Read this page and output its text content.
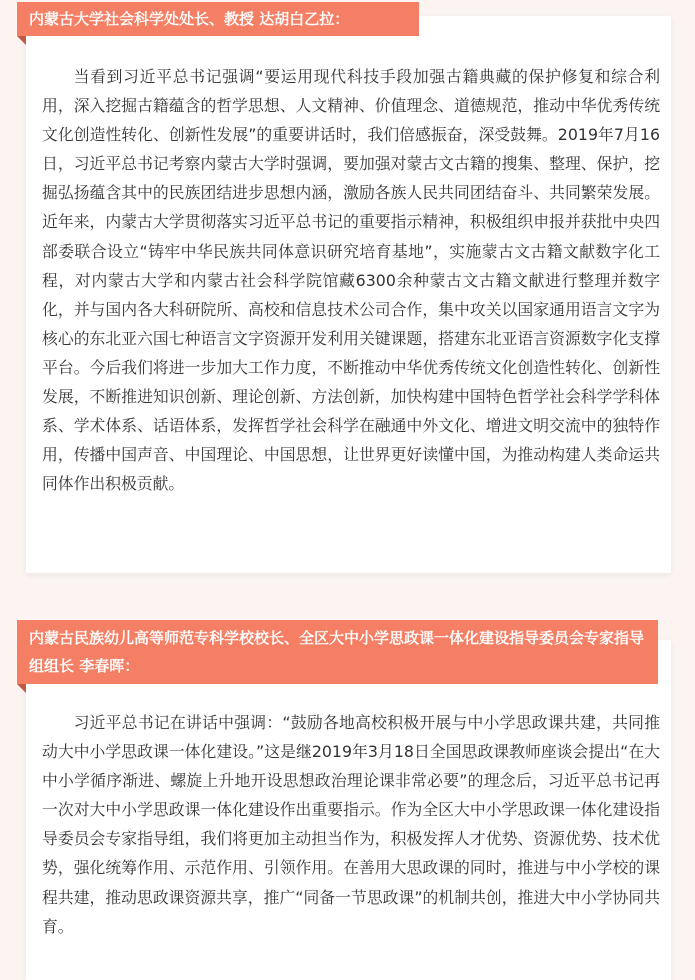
内蒙古大学社会科学处处长、教授 达胡白乙拉：

当看到习近平总书记强调“要运用现代科技手段加强古籍典藏的保护修复和综合利用，深入挖掘古籍蕴含的哲学思想、人文精神、价值理念、道德规范，推动中华优秀传统文化创造性转化、创新性发展”的重要讲话时，我们倍感振奋，深受鼓舞。2019年7月16日，习近平总书记考察内蒙古大学时强调，要加强对蒙古文古籍的搜集、整理、保护，挖掘弘扬蕴含其中的民族团结进步思想内涵，激励各族人民共同团结奋斗、共同繁荣发展。近年来，内蒙古大学贯彻落实习近平总书记的重要指示精神，积极组织申报并获批中央四部委联合设立“铸牢中华民族共同体意识研究培育基地”，实施蒙古文古籍文献数字化工程，对内蒙古大学和内蒙古社会科学院馆藏6300余种蒙古文古籍文献进行整理并数字化，并与国内各大科研院所、高校和信息技术公司合作，集中攻关以国家通用语言文字为核心的东北亚六国七种语言文字资源开发利用关键课题，搭建东北亚语言资源数字化支撑平台。今后我们将进一步加大工作力度，不断推动中华优秀传统文化创造性转化、创新性发展，不断推进知识创新、理论创新、方法创新，加快构建中国特色哲学社会科学学科体系、学术体系、话语体系，发挥哲学社会科学在融通中外文化、增进文明交流中的独特作用，传播中国声音、中国理论、中国思想，让世界更好读懂中国，为推动构建人类命运共同体作出积极贡献。

内蒙古民族幼儿高等师范专科学校校长、全区大中小学思政课一体化建设指导委员会专家指导组组长 李春晖：

习近平总书记在讲话中强调：“鼓励各地高校积极开展与中小学思政课共建，共同推动大中小学思政课一体化建设。”这是继2019年3月18日全国思政课教师座谈会提出“在大中小学循序渐进、螺旋上升地开设思想政治理论课非常必要”的理念后，习近平总书记再一次对大中小学思政课一体化建设作出重要指示。作为全区大中小学思政课一体化建设指导委员会专家指导组，我们将更加主动担当作为，积极发挥人才优势、资源优势、技术优势，强化统筹作用、示范作用、引领作用。在善用大思政课的同时，推进与中小学校的课程共建，推动思政课资源共享，推广“同备一节思政课”的机制共创，推进大中小学协同共育。
